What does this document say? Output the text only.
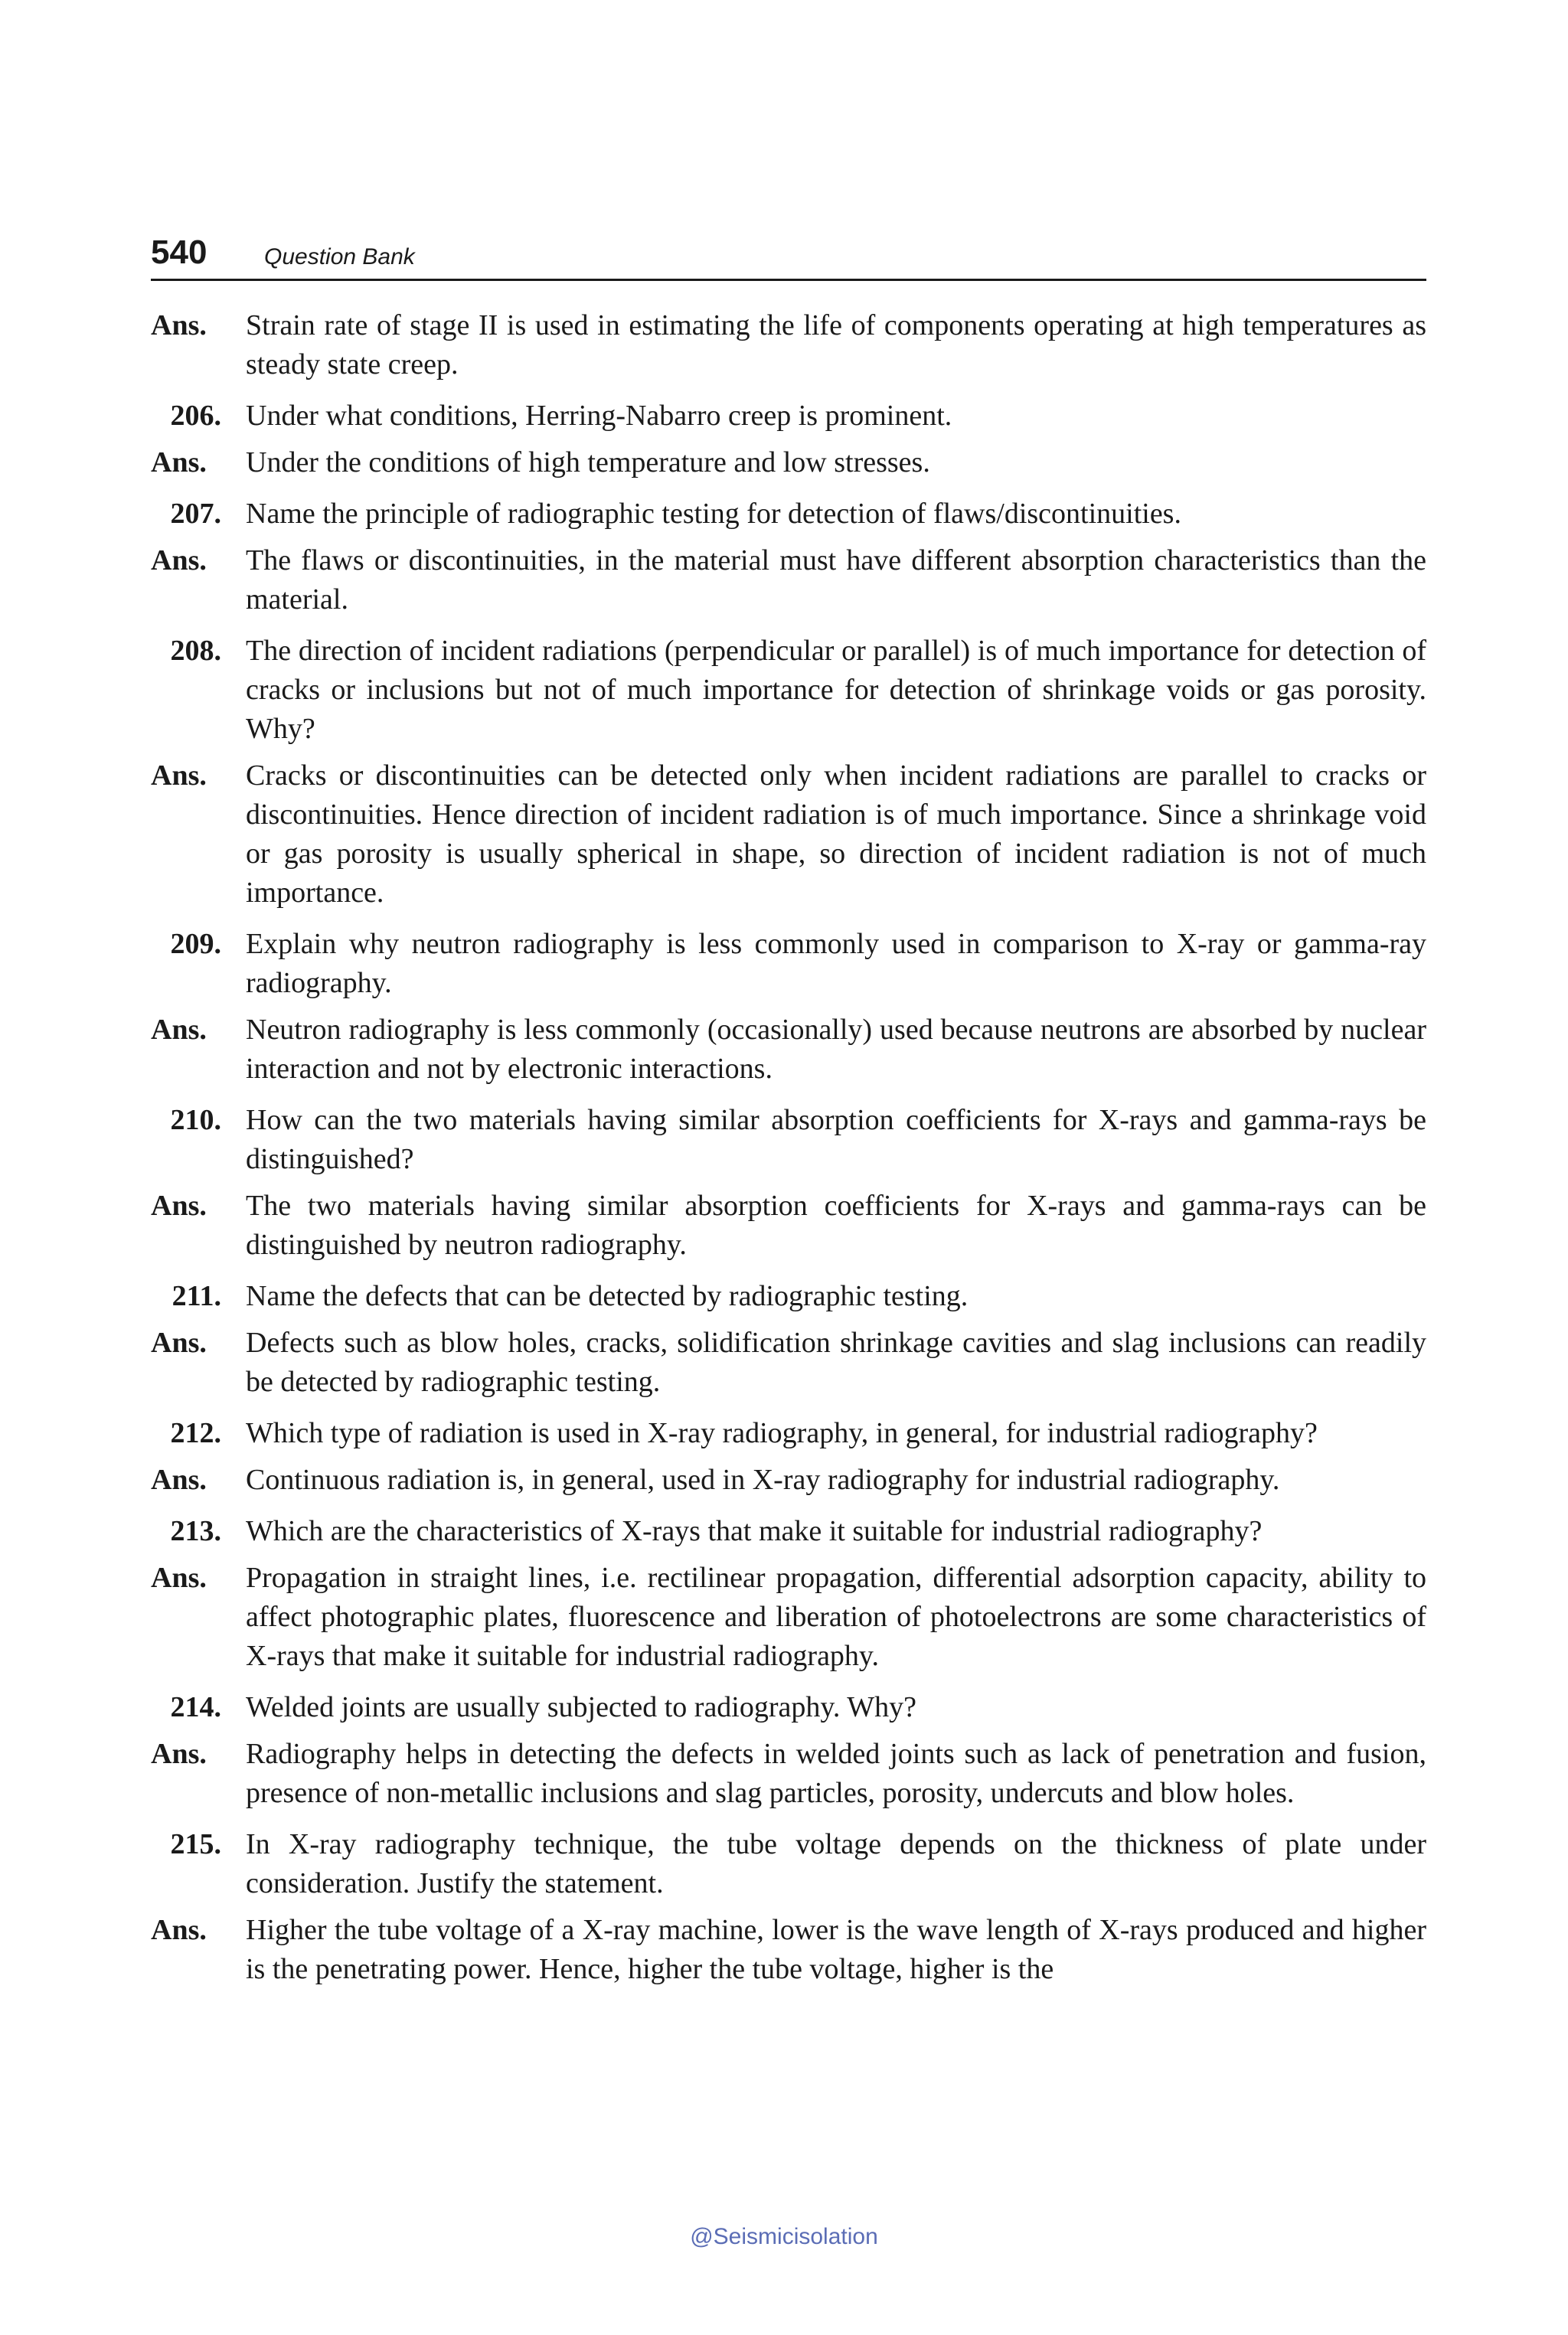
540 Question Bank
Ans.	Strain rate of stage II is used in estimating the life of components operating at high temperatures as steady state creep.
206. Under what conditions, Herring-Nabarro creep is prominent.
Ans.	Under the conditions of high temperature and low stresses.
207. Name the principle of radiographic testing for detection of flaws/discontinuities.
Ans.	The flaws or discontinuities, in the material must have different absorption characteristics than the material.
208. The direction of incident radiations (perpendicular or parallel) is of much importance for detection of cracks or inclusions but not of much importance for detection of shrinkage voids or gas porosity. Why?
Ans.	Cracks or discontinuities can be detected only when incident radiations are parallel to cracks or discontinuities. Hence direction of incident radiation is of much importance. Since a shrinkage void or gas porosity is usually spherical in shape, so direction of incident radiation is not of much importance.
209. Explain why neutron radiography is less commonly used in comparison to X-ray or gamma-ray radiography.
Ans.	Neutron radiography is less commonly (occasionally) used because neutrons are absorbed by nuclear interaction and not by electronic interactions.
210. How can the two materials having similar absorption coefficients for X-rays and gamma-rays be distinguished?
Ans.	The two materials having similar absorption coefficients for X-rays and gamma-rays can be distinguished by neutron radiography.
211. Name the defects that can be detected by radiographic testing.
Ans.	Defects such as blow holes, cracks, solidification shrinkage cavities and slag inclusions can readily be detected by radiographic testing.
212. Which type of radiation is used in X-ray radiography, in general, for industrial radiography?
Ans.	Continuous radiation is, in general, used in X-ray radiography for industrial radiography.
213. Which are the characteristics of X-rays that make it suitable for industrial radiography?
Ans.	Propagation in straight lines, i.e. rectilinear propagation, differential adsorption capacity, ability to affect photographic plates, fluorescence and liberation of photoelectrons are some characteristics of X-rays that make it suitable for industrial radiography.
214. Welded joints are usually subjected to radiography. Why?
Ans.	Radiography helps in detecting the defects in welded joints such as lack of penetration and fusion, presence of non-metallic inclusions and slag particles, porosity, undercuts and blow holes.
215. In X-ray radiography technique, the tube voltage depends on the thickness of plate under consideration. Justify the statement.
Ans.	Higher the tube voltage of a X-ray machine, lower is the wave length of X-rays produced and higher is the penetrating power. Hence, higher the tube voltage, higher is the
@Seismicisolation
